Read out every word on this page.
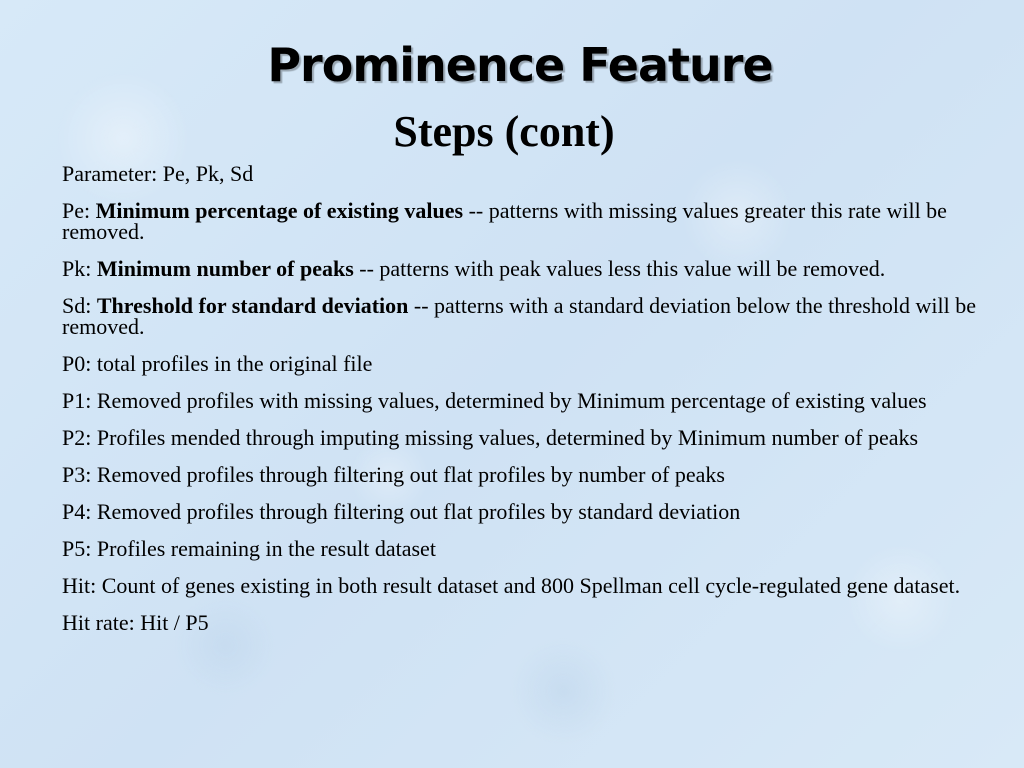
Prominence Feature
Steps (cont)
Parameter: Pe, Pk, Sd
Pe: Minimum percentage of existing values -- patterns with missing values greater this rate will be removed.
Pk: Minimum number of peaks -- patterns with peak values less this value will be removed.
Sd: Threshold for standard deviation -- patterns with a standard deviation below the threshold will be removed.
P0: total profiles in the original file
P1: Removed profiles with missing values, determined by Minimum percentage of existing values
P2: Profiles mended through imputing missing values, determined by Minimum number of peaks
P3: Removed profiles through filtering out flat profiles by number of peaks
P4: Removed profiles through filtering out flat profiles by standard deviation
P5: Profiles remaining in the result dataset
Hit: Count of genes existing in both result dataset and 800 Spellman cell cycle-regulated gene dataset.
Hit rate: Hit / P5
